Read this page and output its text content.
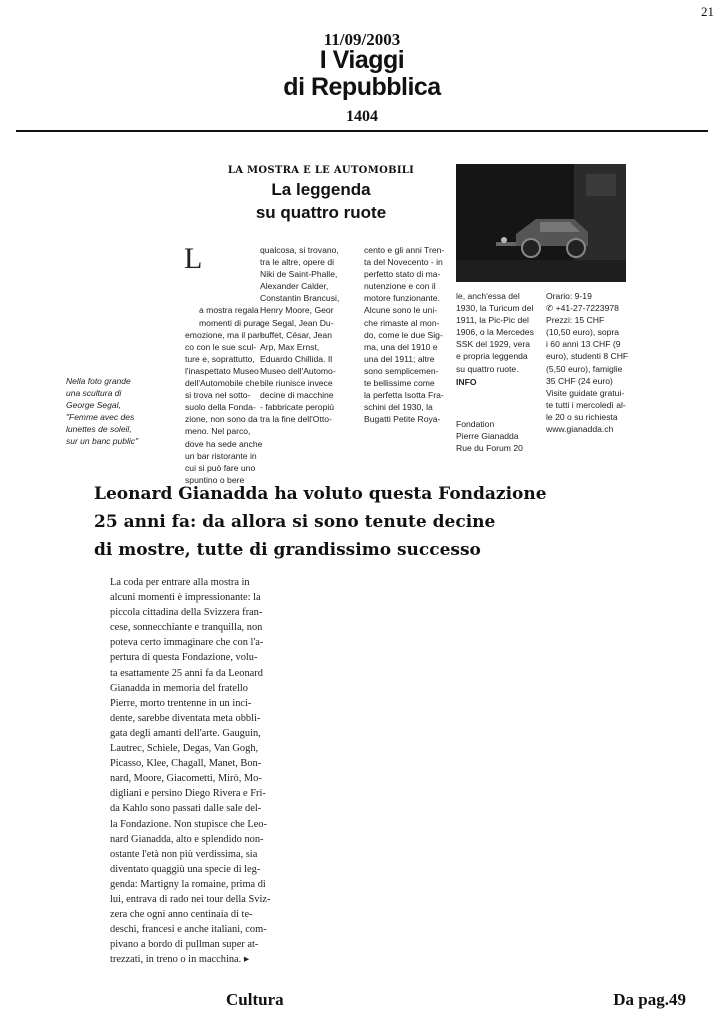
21
11/09/2003
I Viaggi
di Repubblica
1404
LA MOSTRA E LE AUTOMOBILI
La leggenda
su quattro ruote

L

a mostra regala
momenti di pura
emozione, ma il par-
co con le sue scul-
ture e, soprattutto,
l'inaspettato Museo
dell'Automobile che
si trova nel sotto-
suolo della Fonda-
zione, non sono da
meno. Nel parco,
dove ha sede anche
un bar ristorante in
cui si può fare uno
spuntino o bere

qualcosa, si trovano,
tra le altre, opere di
Niki de Saint-Phalle,
Alexander Calder,
Constantin Brancusi,
Henry Moore, Geor
ge Segal, Jean Du-
buffet, César, Jean
Arp, Max Ernst,
Eduardo Chillida. Il
Museo dell'Automo-
bile riunisce invece
decine di macchine
- fabbricate peropiù
tra la fine dell'Otto-
cento e gli anni Tren-
ta del Novecento - in
perfetto stato di ma-
nutenzione e con il
motore funzionante.
Alcune sono le uni-
che rimaste al mon-
do, come le due Sig-
ma, una del 1910 e
una del 1911; altre
sono semplicemen-
te bellissime come
la perfetta Isotta Fra-
schini del 1930, la
Bugatti Petite Roya-
le, anch'essa del
1930, la Turicum del
1911, la Pic-Pic del
1906, o la Mercedes
SSK del 1929, vera
e propria leggenda
su quattro ruote.
INFO
Fondation
Pierre Gianadda
Rue du Forum 20
Orario: 9-19
✆ +41-27-7223978
Prezzi: 15 CHF
(10,50 euro), sopra
i 60 anni 13 CHF (9
euro), studenti 8 CHF
(5,50 euro), famiglie
35 CHF (24 euro)
Visite guidate gratui-
te tutti i mercoledì al-
le 20 o su richiesta
www.gianadda.ch
Nella foto grande
una scultura di
George Segal,
"Femme avec des
lunettes de soleil,
sur un banc public"
Leonard Gianadda ha voluto questa Fondazione
25 anni fa: da allora si sono tenute decine
di mostre, tutte di grandissimo successo
La coda per entrare alla mostra in
alcuni momenti è impressionante: la
piccola cittadina della Svizzera fran-
cese, sonnecchiante e tranquilla, non
poteva certo immaginare che con l'a-
pertura di questa Fondazione, volu-
ta esattamente 25 anni fa da Leonard
Gianadda in memoria del fratello
Pierre, morto trentenne in un inci-
dente, sarebbe diventata meta obbli-
gata degli amanti dell'arte. Gauguin,
Lautrec, Schiele, Degas, Van Gogh,
Picasso, Klee, Chagall, Manet, Bon-
nard, Moore, Giacometti, Mirò, Mo-
digliani e persino Diego Rivera e Fri-
da Kahlo sono passati dalle sale del-
la Fondazione. Non stupisce che Leo-
nard Gianadda, alto e splendido non-
ostante l'età non più verdissima, sia
diventato quaggiù una specie di leg-
genda: Martigny la romaine, prima di
lui, entrava di rado nei tour della Sviz-
zera che ogni anno centinaia di te-
deschi, francesi e anche italiani, com-
pivano a bordo di pullman super at-
trezzati, in treno o in macchina. ▸
Cultura	Da pag.49
